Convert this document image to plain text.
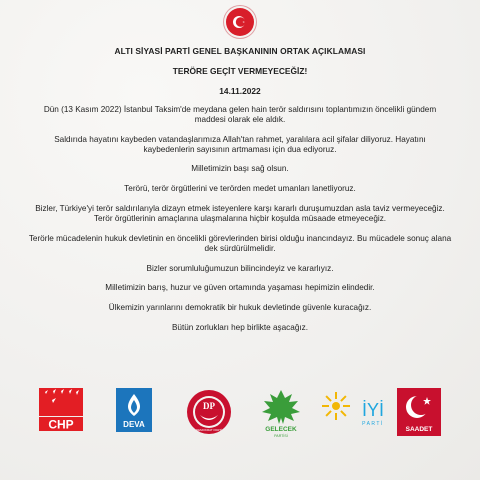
ALTI SİYASİ PARTİ GENEL BAŞKANININ ORTAK AÇIKLAMASI
TERÖRE GEÇİT VERMEYECEĞİZ!
14.11.2022

Dün (13 Kasım 2022) İstanbul Taksim'de meydana gelen hain terör saldırısını toplantımızın öncelikli gündem maddesi olarak ele aldık.

Saldırıda hayatını kaybeden vatandaşlarımıza Allah'tan rahmet, yaralılara acil şifalar diliyoruz. Hayatını kaybedenlerin sayısının artmaması için dua ediyoruz.

Milletimizin başı sağ olsun.

Terörü, terör örgütlerini ve terörden medet umanları lanetliyoruz.

Bizler, Türkiye'yi terör saldırılarıyla dizayn etmek isteyenlere karşı kararlı duruşumuzdan asla taviz vermeyeceğiz. Terör örgütlerinin amaçlarına ulaşmalarına hiçbir koşulda müsaade etmeyeceğiz.

Terörle mücadelenin hukuk devletinin en öncelikli görevlerinden birisi olduğu inancındayız. Bu mücadele sonuç alana dek sürdürülmelidir.

Bizler sorumluluğumuzun bilincindeyiz ve kararlıyız.

Milletimizin barış, huzur ve güven ortamında yaşaması hepimizin elindedir.

Ülkemizin yarınlarını demokratik bir hukuk devletinde güvenle kuracağız.

Bütün zorlukları hep birlikte aşacağız.

CHP	DEVA
DP
DEMOKRAT PARTİ	GELECEK
PARTİSİ
İYİ
PARTİ
SAADET
